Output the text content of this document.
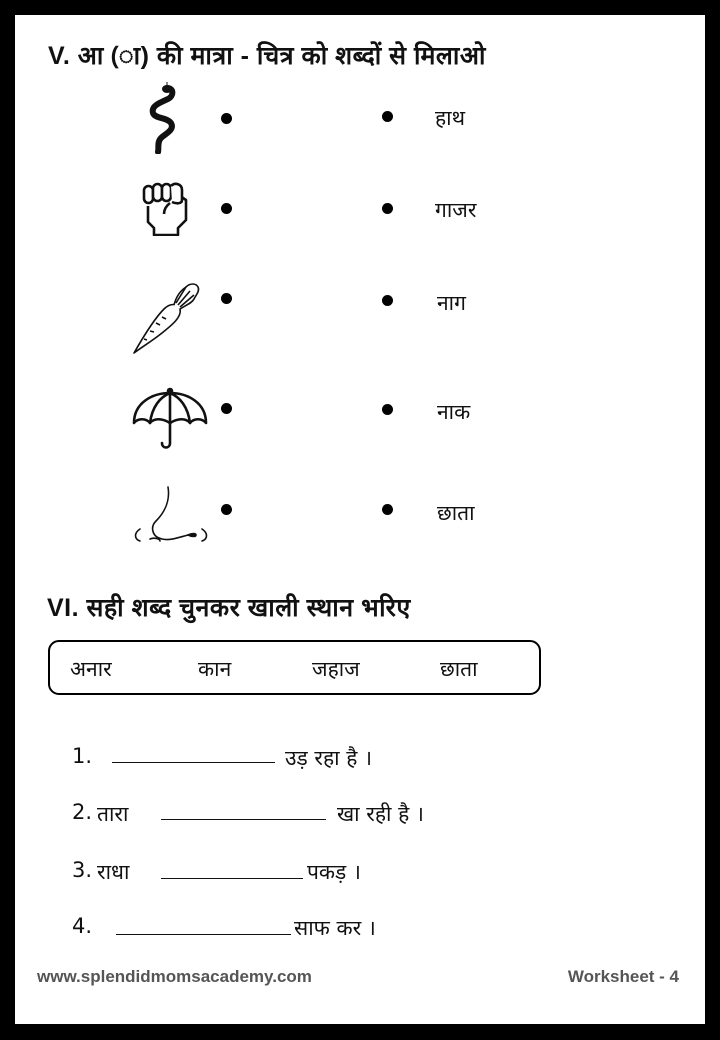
V. आ (ा) की मात्रा - चित्र को शब्दों से मिलाओ
हाथ
गाजर
नाग
नाक
छाता
VI. सही शब्द चुनकर खाली स्थान भरिए
अनार	कान	जहाज	छाता
1.	उड़ रहा है ।
2. तारा	खा रही है ।
3. राधा	पकड़ ।
4.	साफ कर ।
www.splendidmomsacademy.com	Worksheet - 4
